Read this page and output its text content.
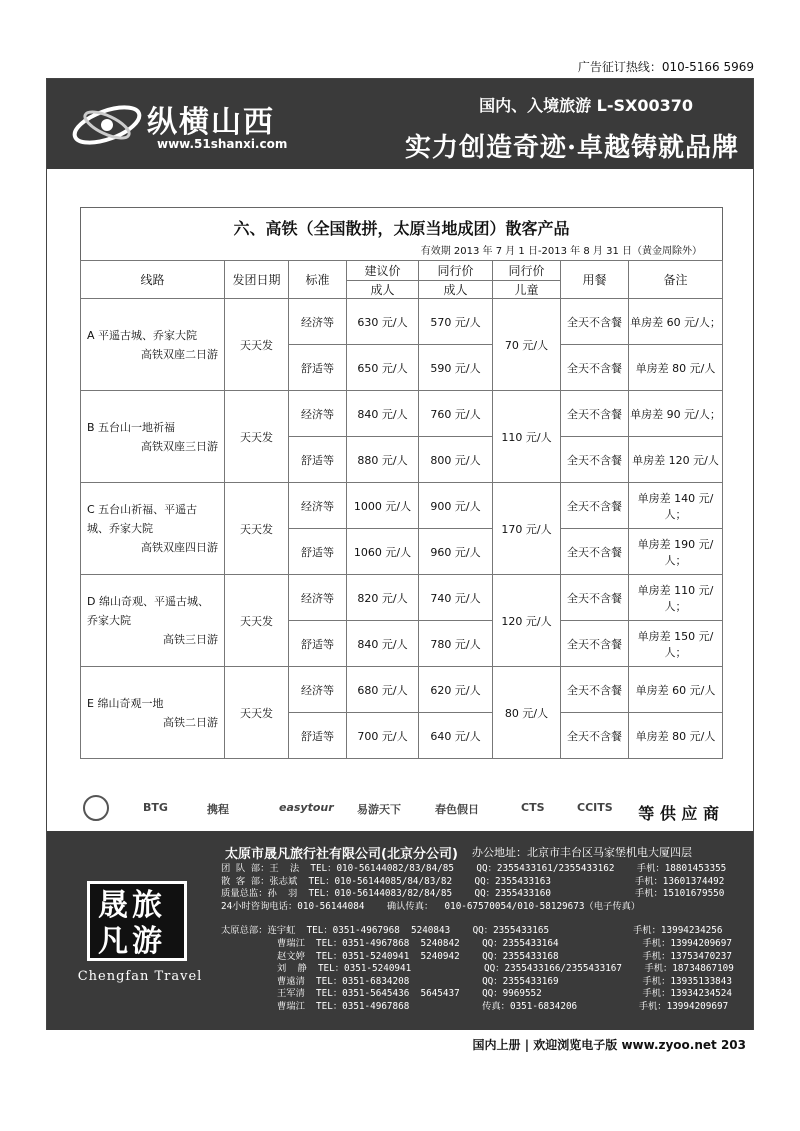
广告征订热线：010-5166 5969
纵横山西
www.51shanxi.com
国内、入境旅游 L-SX00370
实力创造奇迹·卓越铸就品牌
六、高铁（全国散拼，太原当地成团）散客产品
有效期 2013 年 7 月 1 日-2013 年 8 月 31 日（黄金周除外）
线路	发团日期	标准	建议价	同行价	同行价	用餐	备注
			成人	成人	儿童		
A 平遥古城、乔家大院
高铁双座二日游	天天发	经济等	630 元/人	570 元/人	70 元/人	全天不含餐	单房差 60 元/人；
		舒适等	650 元/人	590 元/人		全天不含餐	单房差 80 元/人
B 五台山一地祈福
高铁双座三日游	天天发	经济等	840 元/人	760 元/人	110 元/人	全天不含餐	单房差 90 元/人；
		舒适等	880 元/人	800 元/人		全天不含餐	单房差 120 元/人
C 五台山祈福、平遥古城、乔家大院
高铁双座四日游	天天发	经济等	1000 元/人	900 元/人	170 元/人	全天不含餐	单房差 140 元/人；
		舒适等	1060 元/人	960 元/人		全天不含餐	单房差 190 元/人；
D 绵山奇观、平遥古城、乔家大院
高铁三日游	天天发	经济等	820 元/人	740 元/人	120 元/人	全天不含餐	单房差 110 元/人；
		舒适等	840 元/人	780 元/人		全天不含餐	单房差 150 元/人；
E 绵山奇观一地
高铁二日游	天天发	经济等	680 元/人	620 元/人	80 元/人	全天不含餐	单房差 60 元/人
		舒适等	700 元/人	640 元/人		全天不含餐	单房差 80 元/人
BTG	携程	easytour 易游天下	春色假日	CTS	CCITS 等 供 应 商
晟旅凡游
Chengfan Travel
太原市晟凡旅行社有限公司(北京分公司) 办公地址：北京市丰台区马家堡机电大厦四层
团 队 部：王  法  TEL：010-56144082/83/84/85    QQ：2355433161/2355433162    手机：18801453355
散 客 部：张志斌  TEL：010-56144085/84/83/82    QQ：2355433163               手机：13601374492
质量总监：孙  羽  TEL：010-56144083/82/84/85    QQ：2355433160               手机：15101679550
24小时咨询电话：010-56144084    确认传真：  010-67570054/010-58129673（电子传真）
太原总部：连宇虹  TEL：0351-4967968  5240843    QQ：2355433165               手机：13994234256
曹瑞江  TEL：0351-4967868  5240842    QQ：2355433164               手机：13994209697
赵文婷  TEL：0351-5240941  5240942    QQ：2355433168               手机：13753470237
刘  静  TEL：0351-5240941             QQ：2355433166/2355433167    手机：18734867109
曹遠清  TEL：0351-6834208             QQ：2355433169               手机：13935133843
王军清  TEL：0351-5645436  5645437    QQ：9969552                  手机：13934234524
曹瑞江  TEL：0351-4967868             传真：0351-6834206           手机：13994209697
国内上册 | 欢迎浏览电子版 www.zyoo.net 203
